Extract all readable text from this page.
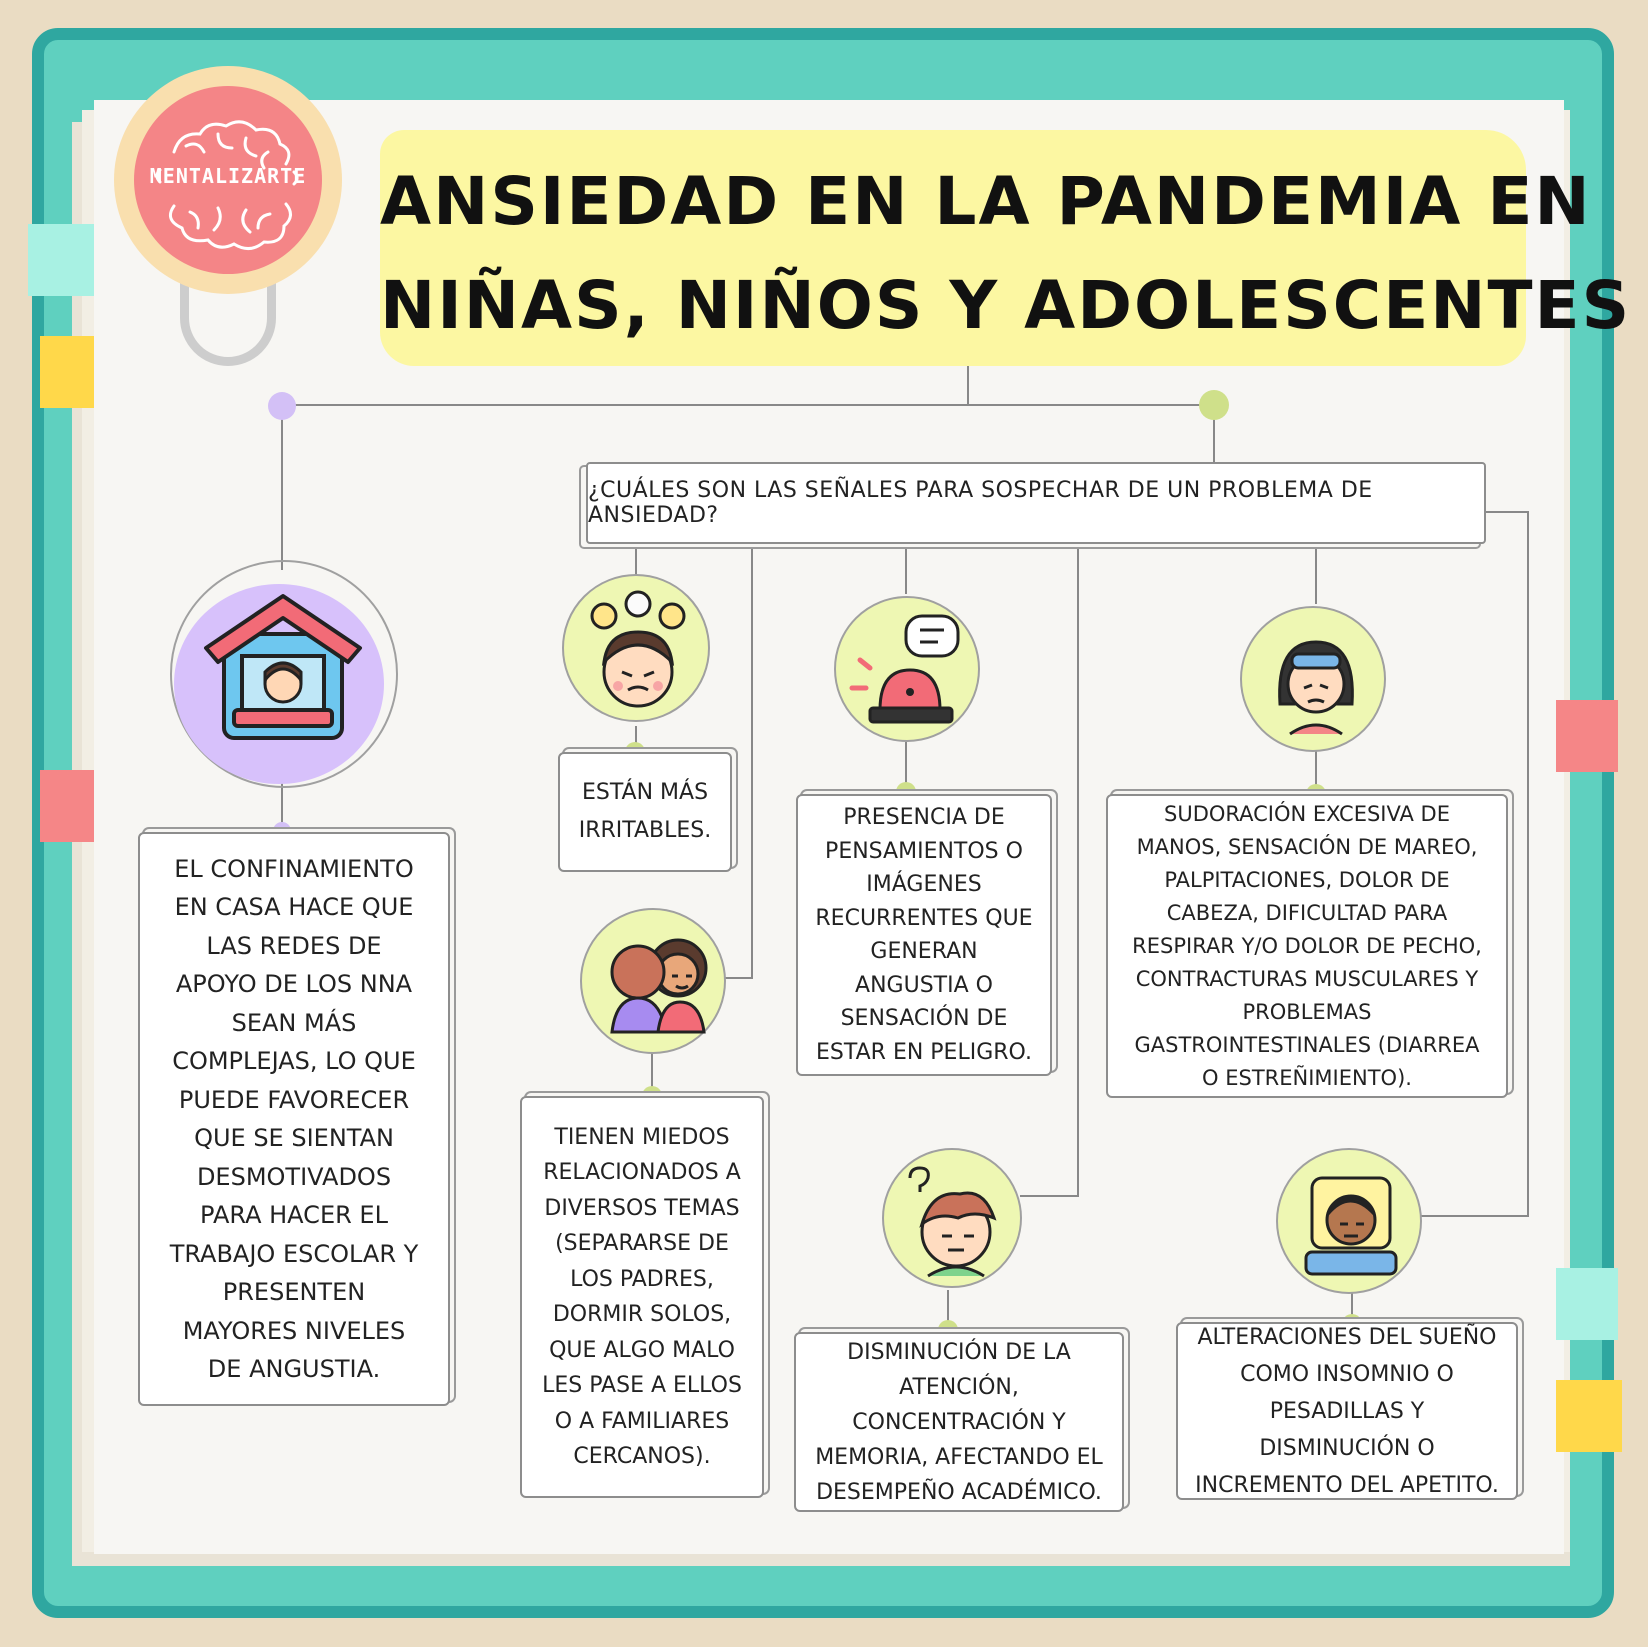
MENTALIZARTE ANSIEDAD EN LA PANDEMIA EN
NIÑAS, NIÑOS Y ADOLESCENTES
¿CUÁLES SON LAS SEÑALES PARA SOSPECHAR DE UN PROBLEMA DE ANSIEDAD?
EL CONFINAMIENTO EN CASA HACE QUE LAS REDES DE APOYO DE LOS NNA SEAN MÁS COMPLEJAS, LO QUE PUEDE FAVORECER QUE SE SIENTAN DESMOTIVADOS PARA HACER EL TRABAJO ESCOLAR Y PRESENTEN MAYORES NIVELES DE ANGUSTIA.
ESTÁN MÁS IRRITABLES.
TIENEN MIEDOS RELACIONADOS A DIVERSOS TEMAS (SEPARARSE DE LOS PADRES, DORMIR SOLOS, QUE ALGO MALO LES PASE A ELLOS O A FAMILIARES CERCANOS).
PRESENCIA DE PENSAMIENTOS O IMÁGENES RECURRENTES QUE GENERAN ANGUSTIA O SENSACIÓN DE ESTAR EN PELIGRO.
DISMINUCIÓN DE LA ATENCIÓN, CONCENTRACIÓN Y MEMORIA, AFECTANDO EL DESEMPEÑO ACADÉMICO.
SUDORACIÓN EXCESIVA DE MANOS, SENSACIÓN DE MAREO, PALPITACIONES, DOLOR DE CABEZA, DIFICULTAD PARA RESPIRAR Y/O DOLOR DE PECHO, CONTRACTURAS MUSCULARES Y PROBLEMAS GASTROINTESTINALES (DIARREA O ESTREÑIMIENTO).
ALTERACIONES DEL SUEÑO COMO INSOMNIO O PESADILLAS Y DISMINUCIÓN O INCREMENTO DEL APETITO.
